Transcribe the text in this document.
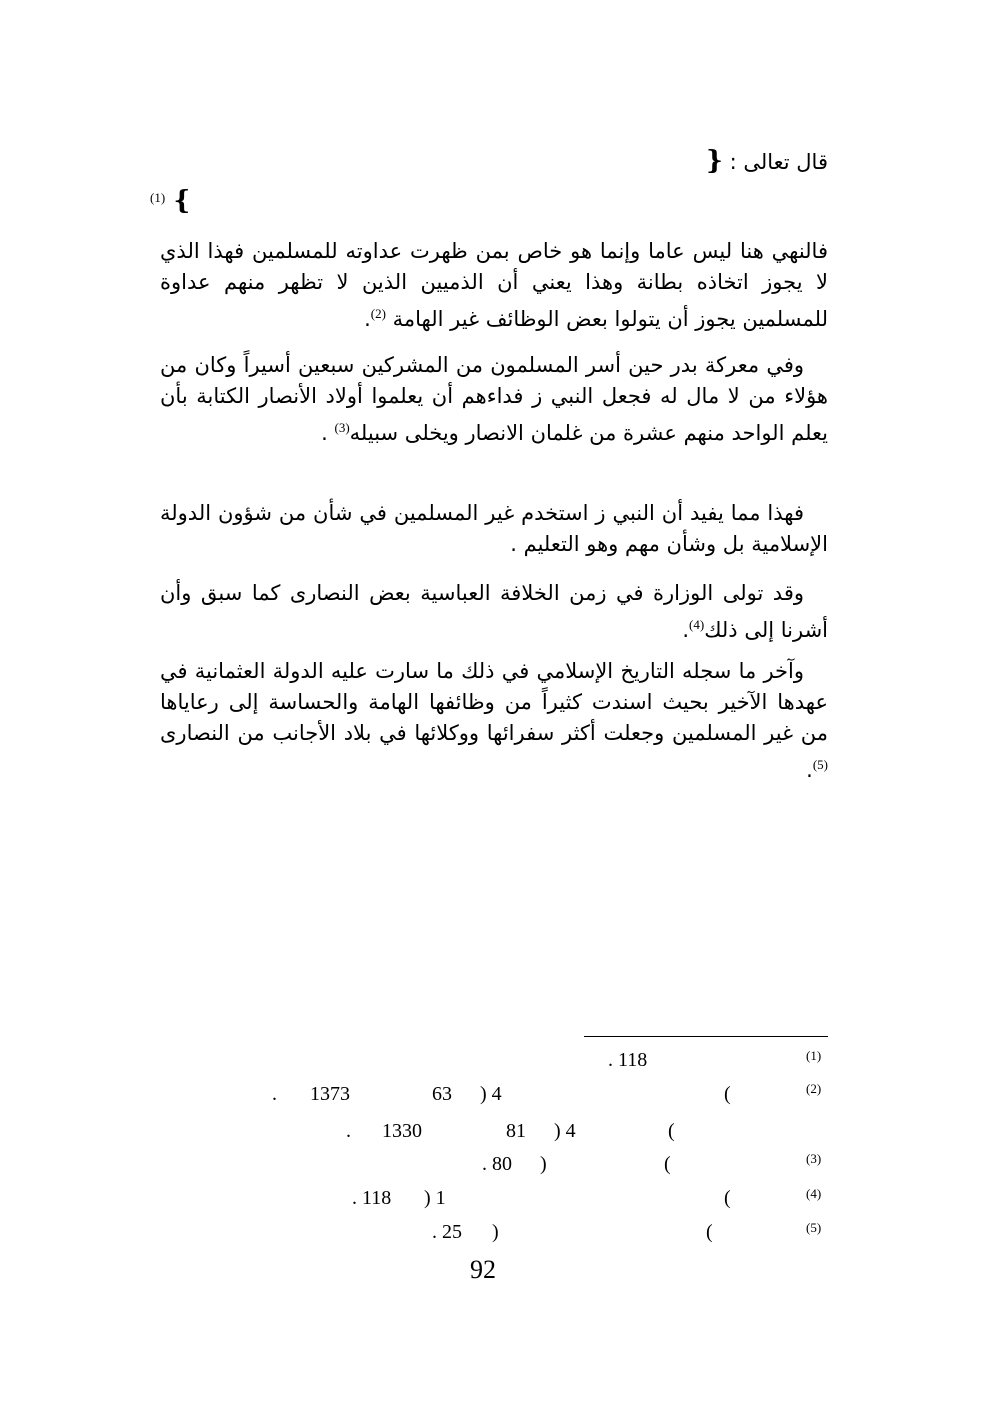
قال تعالى : {
$^{(1)}$ {
فالنهي هنا ليس عاما وإنما هو خاص بمن ظهرت عداوته للمسلمين فهذا الذي لا يجوز اتخاذه بطانة وهذا يعني أن الذميين الذين لا تظهر منهم عداوة للمسلمين يجوز أن يتولوا بعض الوظائف غير الهامة $^{(2)}$.
وفي معركة بدر حين أسر المسلمون من المشركين سبعين أسيراً وكان من هؤلاء من لا مال له فجعل النبي ز فداءهم أن يعلموا أولاد الأنصار الكتابة بأن يعلم الواحد منهم عشرة من غلمان الانصار ويخلى سبيله$^{(3)}$ .
فهذا مما يفيد أن النبي ز استخدم غير المسلمين في شأن من شؤون الدولة الإسلامية بل وشأن مهم وهو التعليم .
وقد تولى الوزارة في زمن الخلافة العباسية بعض النصارى كما سبق وأن أشرنا إلى ذلك$^{(4)}$.
وآخر ما سجله التاريخ الإسلامي في ذلك ما سارت عليه الدولة العثمانية في عهدها الآخير بحيث اسندت كثيراً من وظائفها الهامة والحساسة إلى رعاياها من غير المسلمين وجعلت أكثر سفرائها ووكلائها في بلاد الأجانب من النصارى $^{(5)}$.
(1)
. 118
(2)
(
) 4
63
1373
.
(
) 4
81
1330
.
(3)
(
)
. 80
(4)
(
) 1
. 118
(5)
(
)
. 25
92
